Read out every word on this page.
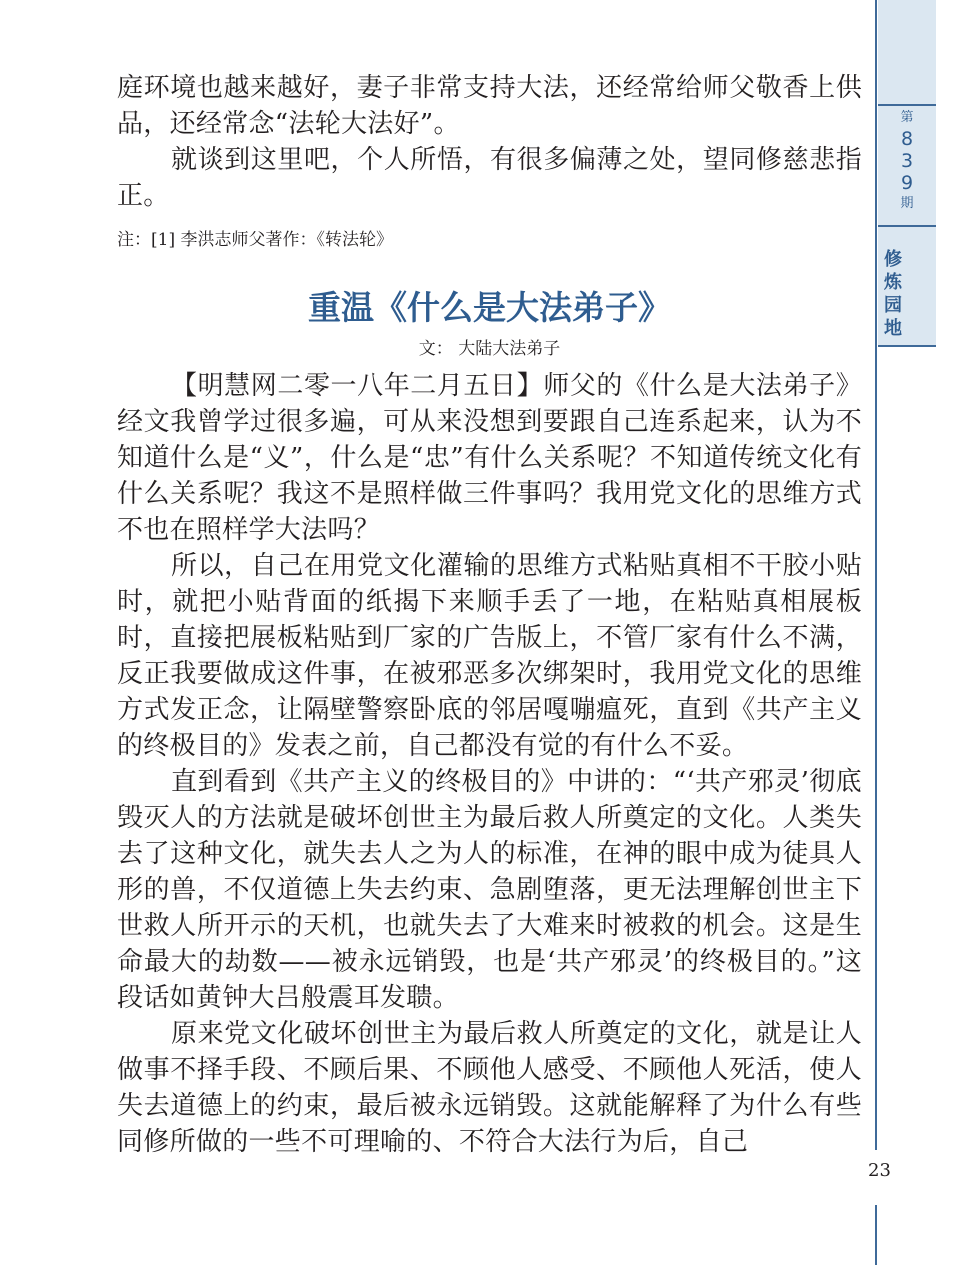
第
8
3
9
期
修
炼
园
地
23

庭环境也越来越好，妻子非常支持大法，还经常给师父敬香上供品，还经常念“法轮大法好”。

就谈到这里吧，个人所悟，有很多偏薄之处，望同修慈悲指正。

注：[1] 李洪志师父著作：《转法轮》

重温《什么是大法弟子》

文： 大陆大法弟子

【明慧网二零一八年二月五日】师父的《什么是大法弟子》经文我曾学过很多遍，可从来没想到要跟自己连系起来，认为不知道什么是“义”，什么是“忠”有什么关系呢？不知道传统文化有什么关系呢？我这不是照样做三件事吗？我用党文化的思维方式不也在照样学大法吗？

所以，自己在用党文化灌输的思维方式粘贴真相不干胶小贴时，就把小贴背面的纸揭下来顺手丢了一地，在粘贴真相展板时，直接把展板粘贴到厂家的广告版上，不管厂家有什么不满，反正我要做成这件事，在被邪恶多次绑架时，我用党文化的思维方式发正念，让隔壁警察卧底的邻居嘎嘣瘟死，直到《共产主义的终极目的》发表之前，自己都没有觉的有什么不妥。

直到看到《共产主义的终极目的》中讲的：“‘共产邪灵’彻底毁灭人的方法就是破坏创世主为最后救人所奠定的文化。人类失去了这种文化，就失去人之为人的标准，在神的眼中成为徒具人形的兽，不仅道德上失去约束、急剧堕落，更无法理解创世主下世救人所开示的天机，也就失去了大难来时被救的机会。这是生命最大的劫数——被永远销毁，也是‘共产邪灵’的终极目的。”这段话如黄钟大吕般震耳发聩。

原来党文化破坏创世主为最后救人所奠定的文化，就是让人做事不择手段、不顾后果、不顾他人感受、不顾他人死活，使人失去道德上的约束，最后被永远销毁。这就能解释了为什么有些同修所做的一些不可理喻的、不符合大法行为后，自己
